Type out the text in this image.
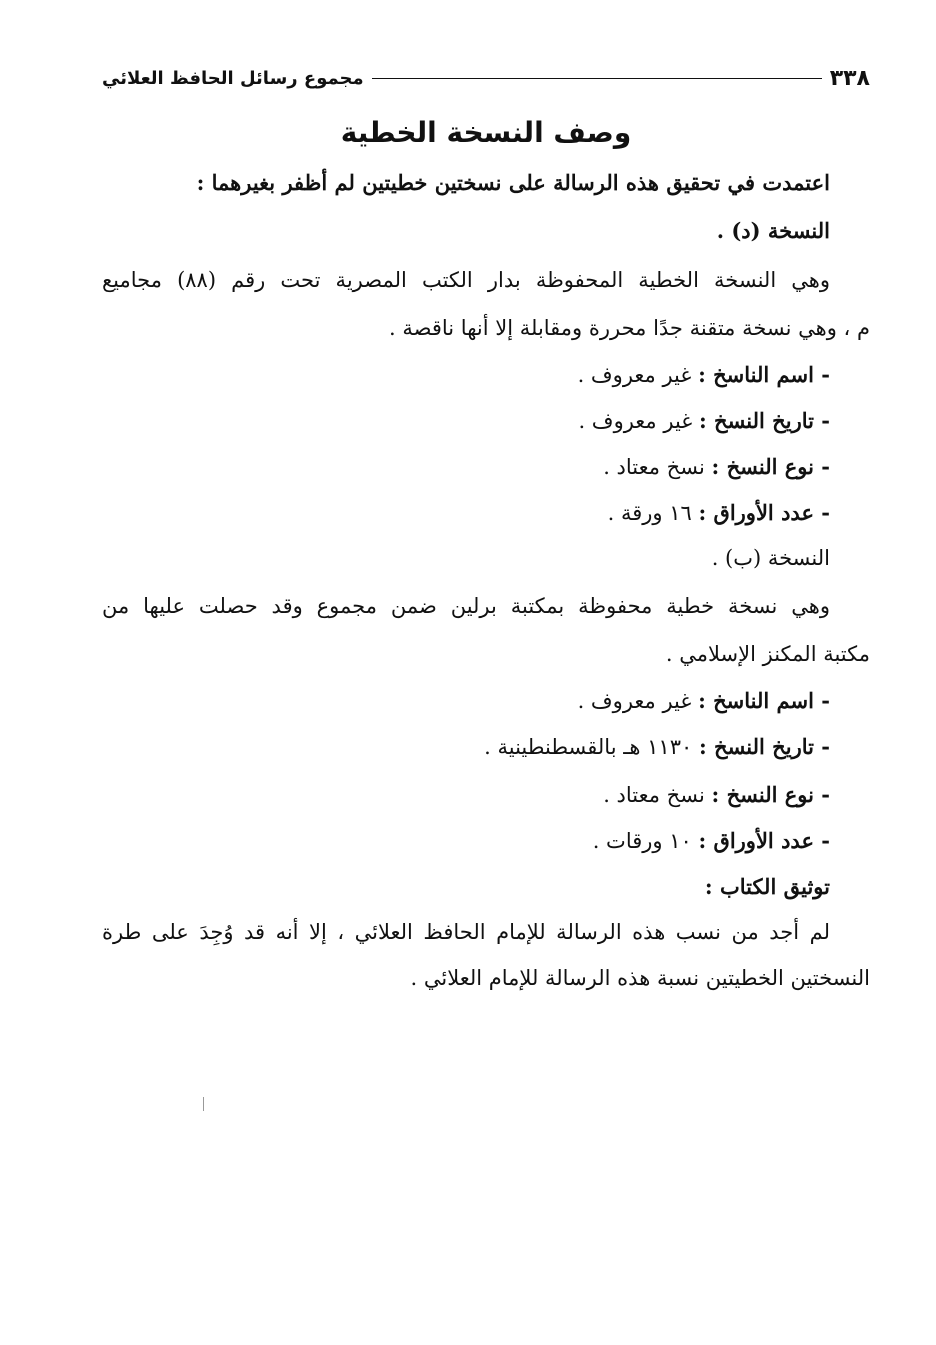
٣٣٨
مجموع رسائل الحافظ العلائي
وصف النسخة الخطية
اعتمدت في تحقيق هذه الرسالة على نسختين خطيتين لم أظفر بغيرهما :
النسخة (د) .
وهي النسخة الخطية المحفوظة بدار الكتب المصرية تحت رقم (٨٨) مجاميع
م ، وهي نسخة متقنة جدًا محررة ومقابلة إلا أنها ناقصة .
- اسم الناسخ : غير معروف .
- تاريخ النسخ : غير معروف .
- نوع النسخ : نسخ معتاد .
- عدد الأوراق : ١٦ ورقة .
النسخة (ب) .
وهي نسخة خطية محفوظة بمكتبة برلين ضمن مجموع وقد حصلت عليها من
مكتبة المكنز الإسلامي .
- اسم الناسخ : غير معروف .
- تاريخ النسخ : ١١٣٠ هـ بالقسطنطينية .
- نوع النسخ : نسخ معتاد .
- عدد الأوراق : ١٠ ورقات .
توثيق الكتاب :
لم أجد من نسب هذه الرسالة للإمام الحافظ العلائي ، إلا أنه قد وُجِدَ على طرة
النسختين الخطيتين نسبة هذه الرسالة للإمام العلائي .
